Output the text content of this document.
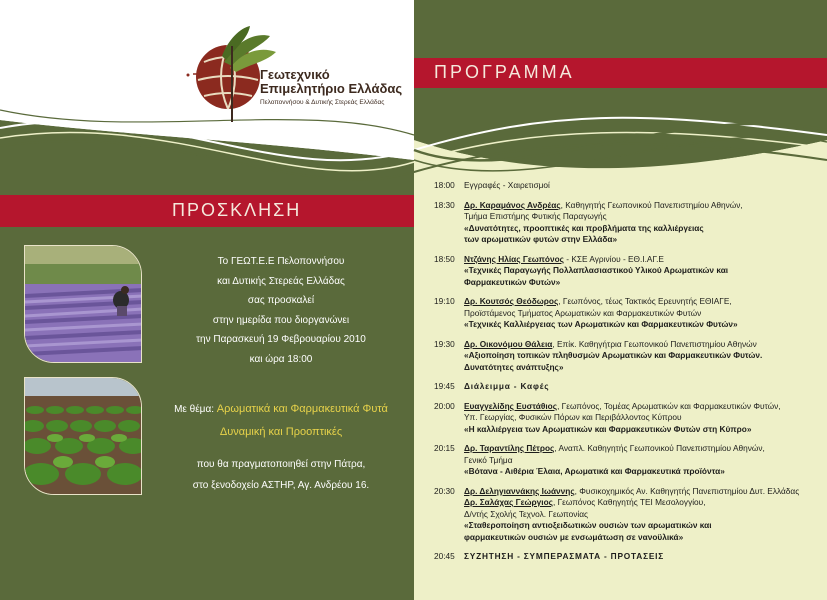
Γεωτεχνικό
Επιμελητήριο Ελλάδας
Πελοποννήσου & Δυτικής Στερεάς Ελλάδας
ΠΡΟΣΚΛΗΣΗ
ΠΡΟΓΡΑΜΜΑ
Το ΓΕΩΤ.Ε.Ε Πελοποννήσου
και Δυτικής Στερεάς Ελλάδας
σας προσκαλεί
στην ημερίδα που διοργανώνει
την Παρασκευή 19 Φεβρουαρίου 2010
και ώρα 18:00
Με θέμα: Αρωματικά και Φαρμακευτικά Φυτά
Δυναμική και Προοπτικές
που θα πραγματοποιηθεί στην Πάτρα,
στο ξενοδοχείο ΑΣΤΗΡ, Αγ. Ανδρέου 16.
18:00	Εγγραφές - Χαιρετισμοί
18:30	Δρ. Καραμάνος Ανδρέας, Καθηγητής Γεωπονικού Πανεπιστημίου Αθηνών,
Τμήμα Επιστήμης Φυτικής Παραγωγής
«Δυνατότητες, προοπτικές και προβλήματα της καλλιέργειας
των αρωματικών φυτών στην Ελλάδα»
18:50	Ντζάνης Ηλίας Γεωπόνος - ΚΣΕ Αγρινίου - ΕΘ.Ι.ΑΓ.Ε
«Τεχνικές Παραγωγής Πολλαπλασιαστικού Υλικού Αρωματικών και
Φαρμακευτικών Φυτών»
19:10	Δρ. Κουτσός Θεόδωρος, Γεωπόνος, τέως Τακτικός Ερευνητής ΕΘΙΑΓΕ,
Προϊστάμενος Τμήματος Αρωματικών και Φαρμακευτικών Φυτών
«Τεχνικές Καλλιέργειας των Αρωματικών και Φαρμακευτικών Φυτών»
19:30	Δρ. Οικονόμου Θάλεια, Επίκ. Καθηγήτρια Γεωπονικού Πανεπιστημίου Αθηνών
«Αξιοποίηση τοπικών πληθυσμών Αρωματικών και Φαρμακευτικών Φυτών.
Δυνατότητες ανάπτυξης»
19:45	Διάλειμμα - Καφές
20:00	Ευαγγελίδης Ευστάθιος, Γεωπόνος, Τομέας Αρωματικών και Φαρμακευτικών Φυτών,
Υπ. Γεωργίας, Φυσικών Πόρων και Περιβάλλοντος Κύπρου
«Η καλλιέργεια των Αρωματικών και Φαρμακευτικών Φυτών στη Κύπρο»
20:15	Δρ. Ταραντίλης Πέτρος, Αναπλ. Καθηγητής Γεωπονικού Πανεπιστημίου Αθηνών,
Γενικό Τμήμα
«Βότανα - Αιθέρια Έλαια, Αρωματικά και Φαρμακευτικά προϊόντα»
20:30	Δρ. Δεληγιαννάκης Ιωάννης, Φυσικοχημικός Αν. Καθηγητής Πανεπιστημίου Δυτ. Ελλάδας
Δρ. Σαλάχας Γεώργιος, Γεωπόνος Καθηγητής ΤΕΙ Μεσολογγίου,
Δ/ντής Σχολής Τεχνολ. Γεωπονίας
«Σταθεροποίηση αντιοξειδωτικών ουσιών των αρωματικών και
φαρμακευτικών ουσιών με ενσωμάτωση σε νανοϋλικά»
20:45	ΣΥΖΗΤΗΣΗ - ΣΥΜΠΕΡΑΣΜΑΤΑ - ΠΡΟΤΑΣΕΙΣ
